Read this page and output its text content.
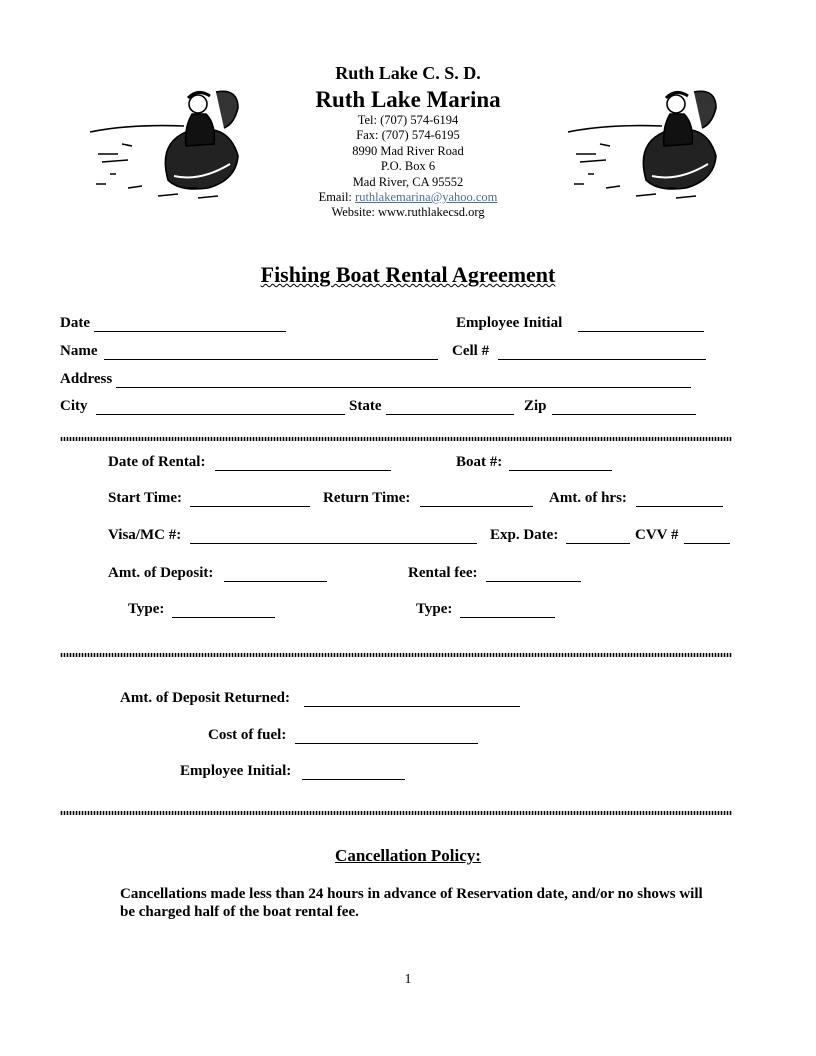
Ruth Lake C. S. D.
Ruth Lake Marina
Tel: (707) 574-6194
Fax: (707) 574-6195
8990 Mad River Road
P.O. Box 6
Mad River, CA 95552
Email: ruthlakemarina@yahoo.com
Website: www.ruthlakecsd.org
Fishing Boat Rental Agreement
Date	Employee Initial
Name	Cell #
Address
City	State	Zip
Date of Rental:	Boat #:
Start Time:	Return Time:	Amt. of hrs:
Visa/MC #:	Exp. Date:	CVV #
Amt. of Deposit:	Rental fee:
Type:	Type:
Amt. of Deposit Returned:
Cost of fuel:
Employee Initial:
Cancellation Policy:
Cancellations made less than 24 hours in advance of Reservation date, and/or no shows will be charged half of the boat rental fee.
1
